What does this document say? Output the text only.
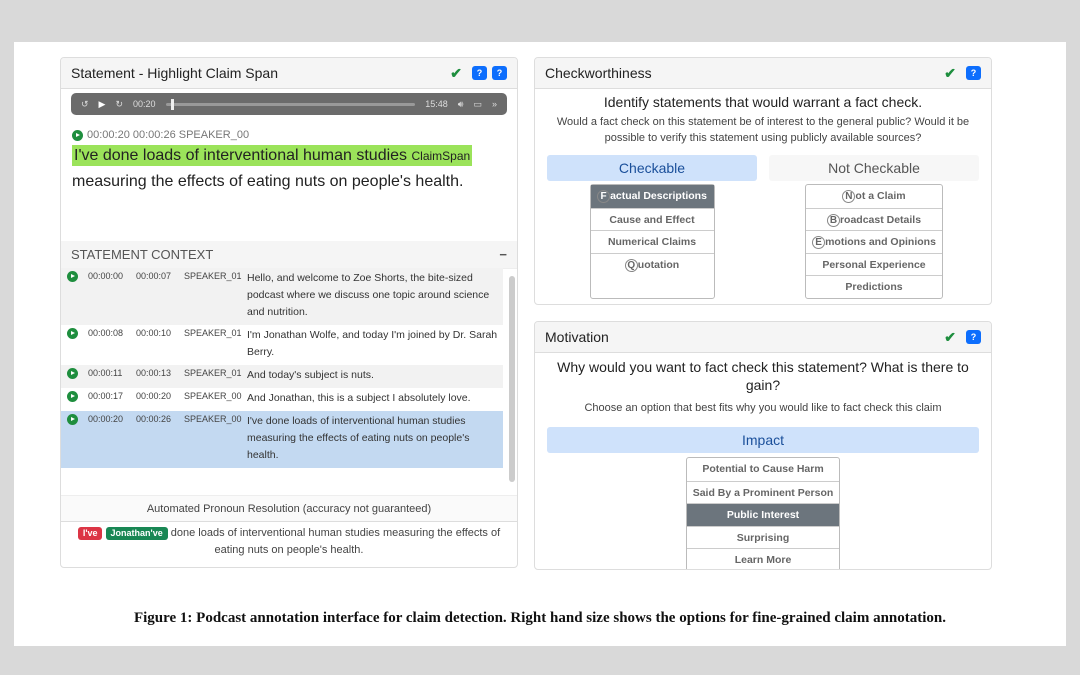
Statement - Highlight Claim Span	✔	?	?
↺ ▶ ↻ 00:20	15:48 🔊︎ ▭ »
00:00:20 00:00:26 SPEAKER_00
I've done loads of interventional human studies ClaimSpan
measuring the effects of eating nuts on people's health.
STATEMENT CONTEXT	−
00:00:00	00:00:07	SPEAKER_01 Hello, and welcome to Zoe Shorts, the bite-sized podcast where we discuss one topic around science and nutrition.
00:00:08	00:00:10	SPEAKER_01 I'm Jonathan Wolfe, and today I'm joined by Dr. Sarah Berry.
00:00:11	00:00:13	SPEAKER_01 And today's subject is nuts.
00:00:17	00:00:20	SPEAKER_00 And Jonathan, this is a subject I absolutely love.
00:00:20	00:00:26	SPEAKER_00 I've done loads of interventional human studies measuring the effects of eating nuts on people's health.
Automated Pronoun Resolution (accuracy not guaranteed)
I've Jonathan've done loads of interventional human studies measuring the effects of eating nuts on people's health.
Checkworthiness	✔	?
Identify statements that would warrant a fact check.
Would a fact check on this statement be of interest to the general public? Would it be possible to verify this statement using publicly available sources?
Checkable	Not Checkable
F actual Descriptions
Cause and Effect
Numerical Claims
Q uotation
N ot a Claim
B roadcast Details
E motions and Opinions
Personal Experience
Predictions
Motivation	✔	?
Why would you want to fact check this statement? What is there to gain?
Choose an option that best fits why you would like to fact check this claim
Impact
Potential to Cause Harm
Said By a Prominent Person
Public Interest
Surprising
Learn More
Figure 1: Podcast annotation interface for claim detection. Right hand size shows the options for fine-grained claim annotation.
